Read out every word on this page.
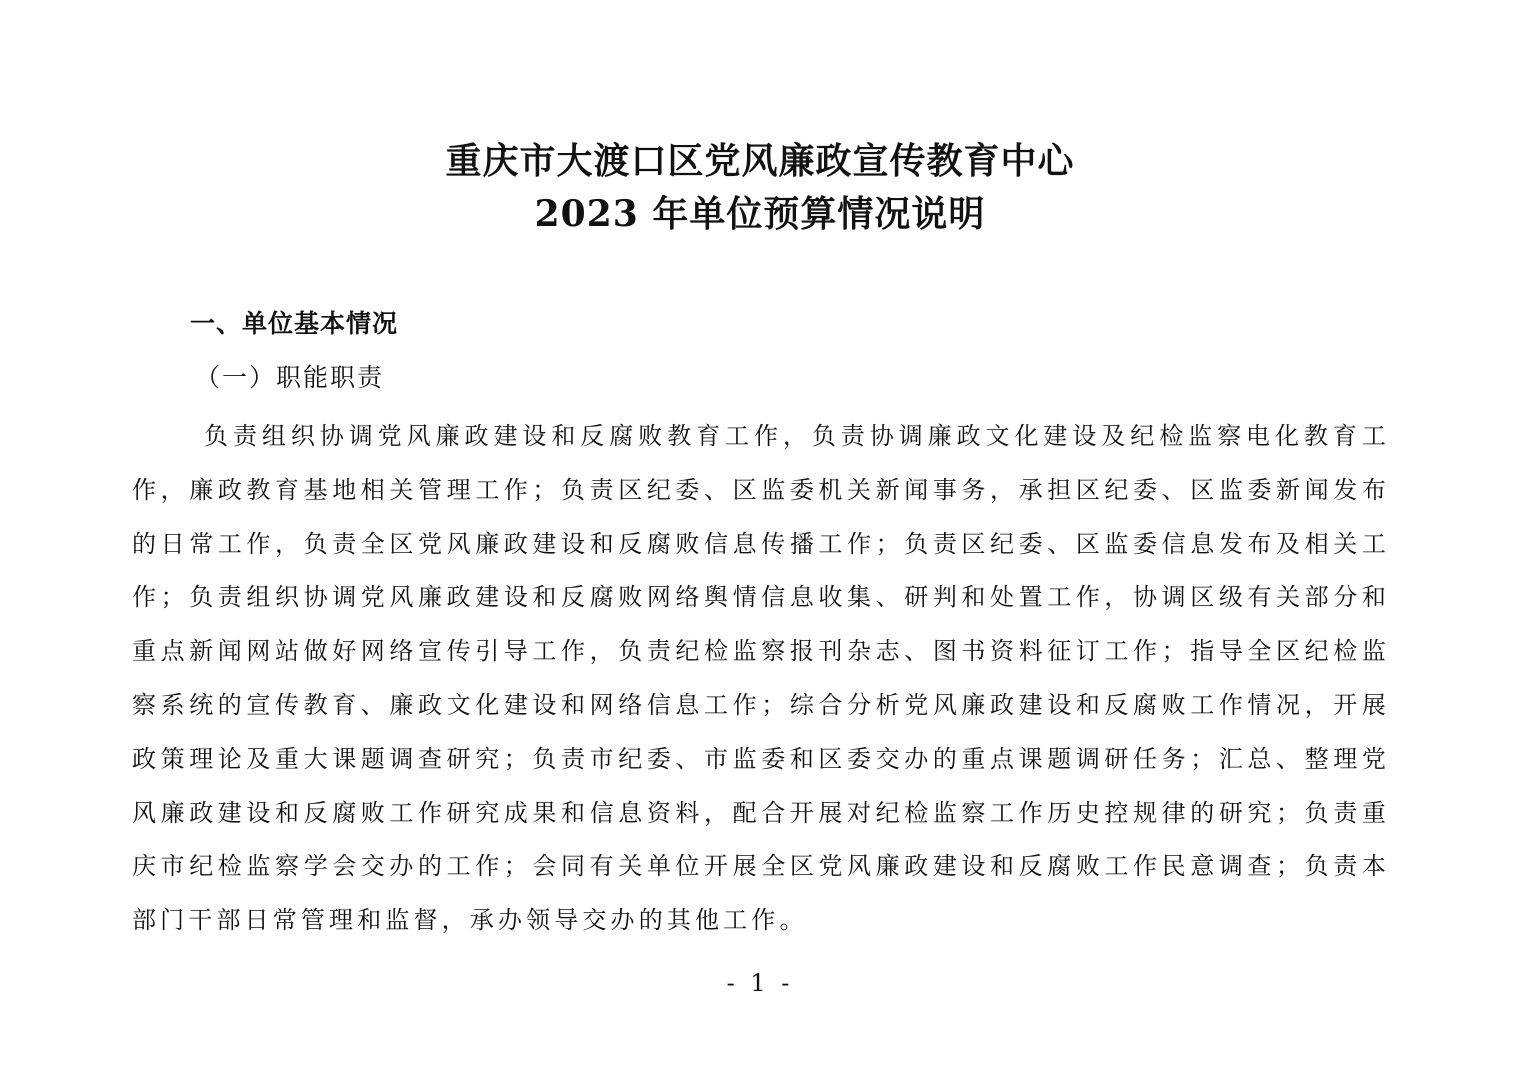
重庆市大渡口区党风廉政宣传教育中心
2023 年单位预算情况说明
一、单位基本情况
（一）职能职责

负责组织协调党风廉政建设和反腐败教育工作，负责协调廉政文化建设及纪检监察电化教育工作，廉政教育基地相关管理工作；负责区纪委、区监委机关新闻事务，承担区纪委、区监委新闻发布的日常工作，负责全区党风廉政建设和反腐败信息传播工作；负责区纪委、区监委信息发布及相关工作；负责组织协调党风廉政建设和反腐败网络舆情信息收集、研判和处置工作，协调区级有关部分和重点新闻网站做好网络宣传引导工作，负责纪检监察报刊杂志、图书资料征订工作；指导全区纪检监察系统的宣传教育、廉政文化建设和网络信息工作；综合分析党风廉政建设和反腐败工作情况，开展政策理论及重大课题调查研究；负责市纪委、市监委和区委交办的重点课题调研任务；汇总、整理党风廉政建设和反腐败工作研究成果和信息资料，配合开展对纪检监察工作历史控规律的研究；负责重庆市纪检监察学会交办的工作；会同有关单位开展全区党风廉政建设和反腐败工作民意调查；负责本部门干部日常管理和监督，承办领导交办的其他工作。

- 1 -
